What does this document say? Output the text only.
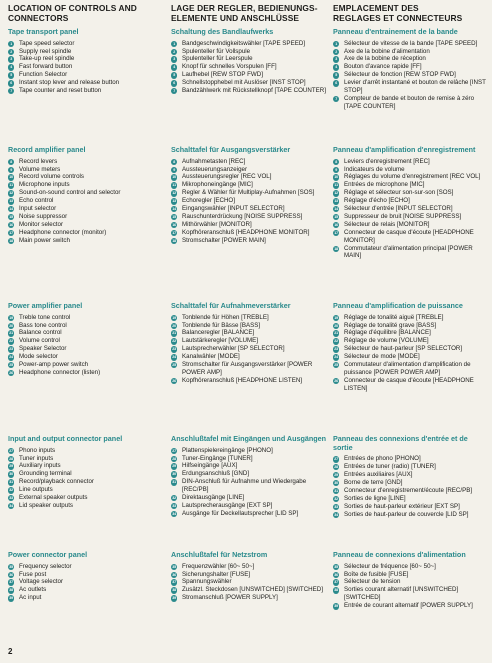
LOCATION OF CONTROLS AND
CONNECTORS
Tape transport panel
1	Tape speed selector
2	Supply reel spindle
3	Take-up reel spindle
4	Fast forward button
5	Function Selector
6	Instant stop lever and release button
7	Tape counter and reset button
Record amplifier panel
8	Record levers
9	Volume meters
10 Record volume controls
11 Microphone inputs
12 Sound-on-sound control and selector
13 Echo control
14 Input selector
15 Noise suppressor
16 Monitor selector
17 Headphone connector (monitor)
18 Main power switch
Power amplifier panel
19 Treble tone control
20 Bass tone control
21 Balance control
22 Volume control
23 Speaker Selector
24 Mode selector
25 Power-amp power switch
26 Headphone connector (listen)
Input and output connector panel
27 Phono inputs
28 Tuner inputs
29 Auxiliary inputs
30 Grounding terminal
31 Record/playback connector
32 Line outputs
33 External speaker outputs
34 Lid speaker outputs
Power connector panel
35 Frequency selector
36 Fuse post
37 Voltage selector
38 Ac outlets
39 Ac input
LAGE DER REGLER, BEDIENUNGS-
ELEMENTE UND ANSCHLÜSSE
Schaltung des Bandlaufwerks
1	Bandgeschwindigkeitswähler [TAPE SPEED]
2	Spulenteller für Vollspule
3	Spulenteller für Leerspule
4	Knopf für schnelles Vorspulen [FF]
5	Laufhebel [REW STOP FWD]
6	Schnellstopphebel mit Auslöser [INST STOP]
7	Bandzählwerk mit Rückstellknopf [TAPE COUNTER]
Schalttafel für Ausgangsverstärker
8	Aufnahmetasten [REC]
9	Aussteuerungsanzeiger
10 Aussteuerungsregler [REC VOL]
11 Mikrophoneingänge [MIC]
12 Regler & Wähler für Multiplay-Aufnahmen [SOS]
13 Echoregler [ECHO]
14 Eingangswähler [INPUT SELECTOR]
15 Rauschunterdrückung [NOISE SUPPRESS]
16 Mithörwähler [MONITOR]
17 Kopfhöreranschluß [HEADPHONE MONITOR]
18 Stromschalter [POWER MAIN]
Schalttafel für Aufnahmeverstärker
19 Tonblende für Höhen [TREBLE]
20 Tonblende für Bässe [BASS]
21 Balanceregler [BALANCE]
22 Lautstärkeregler [VOLUME]
23 Lautsprecherwähler [SP SELECTOR]
24 Kanalwähler [MODE]
25 Stromschalter für Ausgangsverstärker [POWER POWER AMP]
26 Kopfhöreranschluß [HEADPHONE LISTEN]
Anschlußtafel mit Eingängen und Ausgängen
27 Plattenspielereingänge [PHONO]
28 Tuner-Eingänge [TUNER]
29 Hilfseingänge [AUX]
30 Erdungsanschluß [GND]
31 DIN-Anschluß für Aufnahme und Wiedergabe [REC/PB]
32 Direktausgänge [LINE]
33 Lautsprecherausgänge [EXT SP]
34 Ausgänge für Deckellautsprecher [LID SP]
Anschlußtafel für Netzstrom
35 Frequenzwähler [60~ 50~]
36 Sicherungshalter [FUSE]
37 Spannungswähler
38 Zusätzl. Steckdosen [UNSWITCHED] [SWITCHED]
39 Stromanschluß [POWER SUPPLY]
EMPLACEMENT DES
REGLAGES ET CONNECTEURS
Panneau d'entrainement de la bande
1	Sélecteur de vitesse de la bande [TAPE SPEED]
2	Axe de la bobine d'alimentation
3	Axe de la bobine de réception
4	Bouton d'avance rapide [FF]
5	Sélecteur de fonction [REW STOP FWD]
6	Levier d'arrêt instantané et bouton de relâche [INST STOP]
7	Compteur de bande et bouton de remise à zéro [TAPE COUNTER]
Panneau d'amplification d'enregistrement
8	Leviers d'enregistrement [REC]
9	Indicateurs de volume
10 Réglages du volume d'enregistrement [REC VOL]
11 Entrées de microphone [MIC]
12 Réglage et sélecteur son-sur-son [SOS]
13 Réglage d'écho [ECHO]
14 Sélecteur d'entrée [INPUT SELECTOR]
15 Suppresseur de bruit [NOISE SUPPRESS]
16 Sélecteur de relais [MONITOR]
17 Connecteur de casque d'écoute [HEADPHONE MONITOR]
18 Commutateur d'alimentation principal [POWER MAIN]
Panneau d'amplification de puissance
19 Réglage de tonalité aiguë [TREBLE]
20 Réglage de tonalité grave [BASS]
21 Réglage d'équilibre [BALANCE]
22 Réglage de volume [VOLUME]
23 Sélecteur de haut-parleur [SP SELECTOR]
24 Sélecteur de mode [MODE]
25 Commutateur d'alimentation d'amplification de puissance [POWER POWER AMP]
26 Connecteur de casque d'écoute [HEADPHONE LISTEN]
Panneau des connexions d'entrée et de sortie
27 Entrées de phono [PHONO]
28 Entrées de tuner (radio) [TUNER]
29 Entrées auxiliaires [AUX]
30 Borne de terre [GND]
31 Connecteur d'enregistrement/écoute [REC/PB]
32 Sorties de ligne [LINE]
33 Sorties de haut-parleur extérieur [EXT SP]
34 Sorties de haut-parleur de couvercle [LID SP]
Panneau de connexions d'alimentation
35 Sélecteur de fréquence [60~ 50~]
36 Boîte de fusible [FUSE]
37 Sélecteur de tension
38 Sorties courant alternatif [UNSWITCHED] [SWITCHED]
39 Entrée de courant alternatif [POWER SUPPLY]
2
